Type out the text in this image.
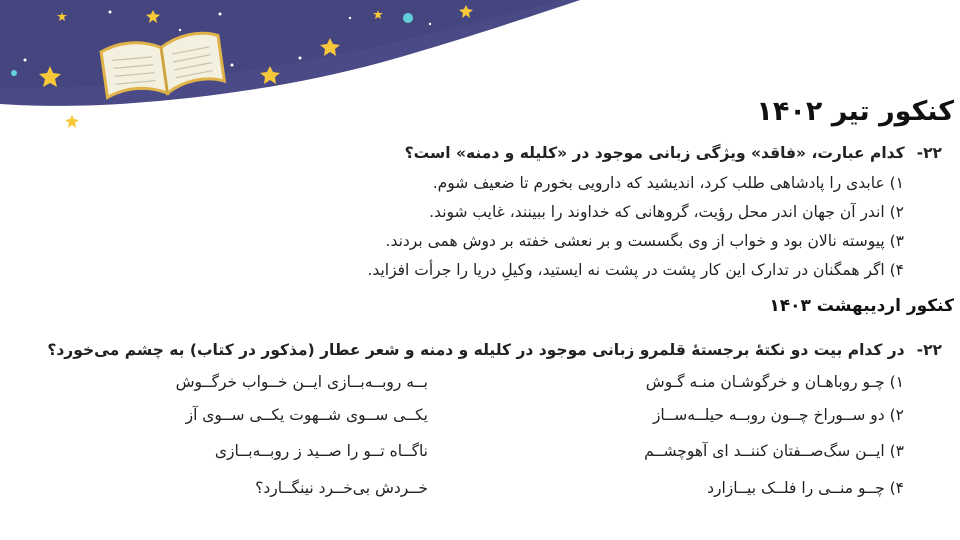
کنکور تیر ۱۴۰۲
۲۲-کدام عبارت، «فاقد» ویژگی زبانی موجود در «کلیله و دمنه» است؟
۱) عابدی را پادشاهی طلب کرد، اندیشید که دارویی بخورم تا ضعیف شوم.
۲) اندر آن جهان اندر محل رؤیت، گروهانی که خداوند را ببینند، غایب شوند.
۳) پیوسته نالان بود و خواب از وی بگسست و بر نعشی خفته بر دوش همی بردند.
۴) اگر همگنان در تدارک این کار پشت در پشت نه ایستید، وکیلِ دریا را جرأت افزاید.
کنکور اردیبهشت ۱۴۰۳
۲۲-در کدام بیت دو نکتهٔ برجستهٔ قلمرو زبانی موجود در کلیله و دمنه و شعر عطار (مذکور در کتاب) به چشم می‌خورد؟
۱) چـو روباهـان و خرگوشـان منـه گـوش
بــه روبــه‌بــازی ایــن خــواب خرگــوش
۲) دو ســوراخ چــون روبــه حیلــه‌ســاز
یکــی ســوی شــهوت یکــی ســوی آز
۳) ایــن سگ‌صــفتان کننــد ای آهوچشــم
ناگــاه تــو را صــید ز روبــه‌بــازی
۴) چــو منــی را فلــک بیــازارد
خــردش بی‌خــرد نینگــارد؟
